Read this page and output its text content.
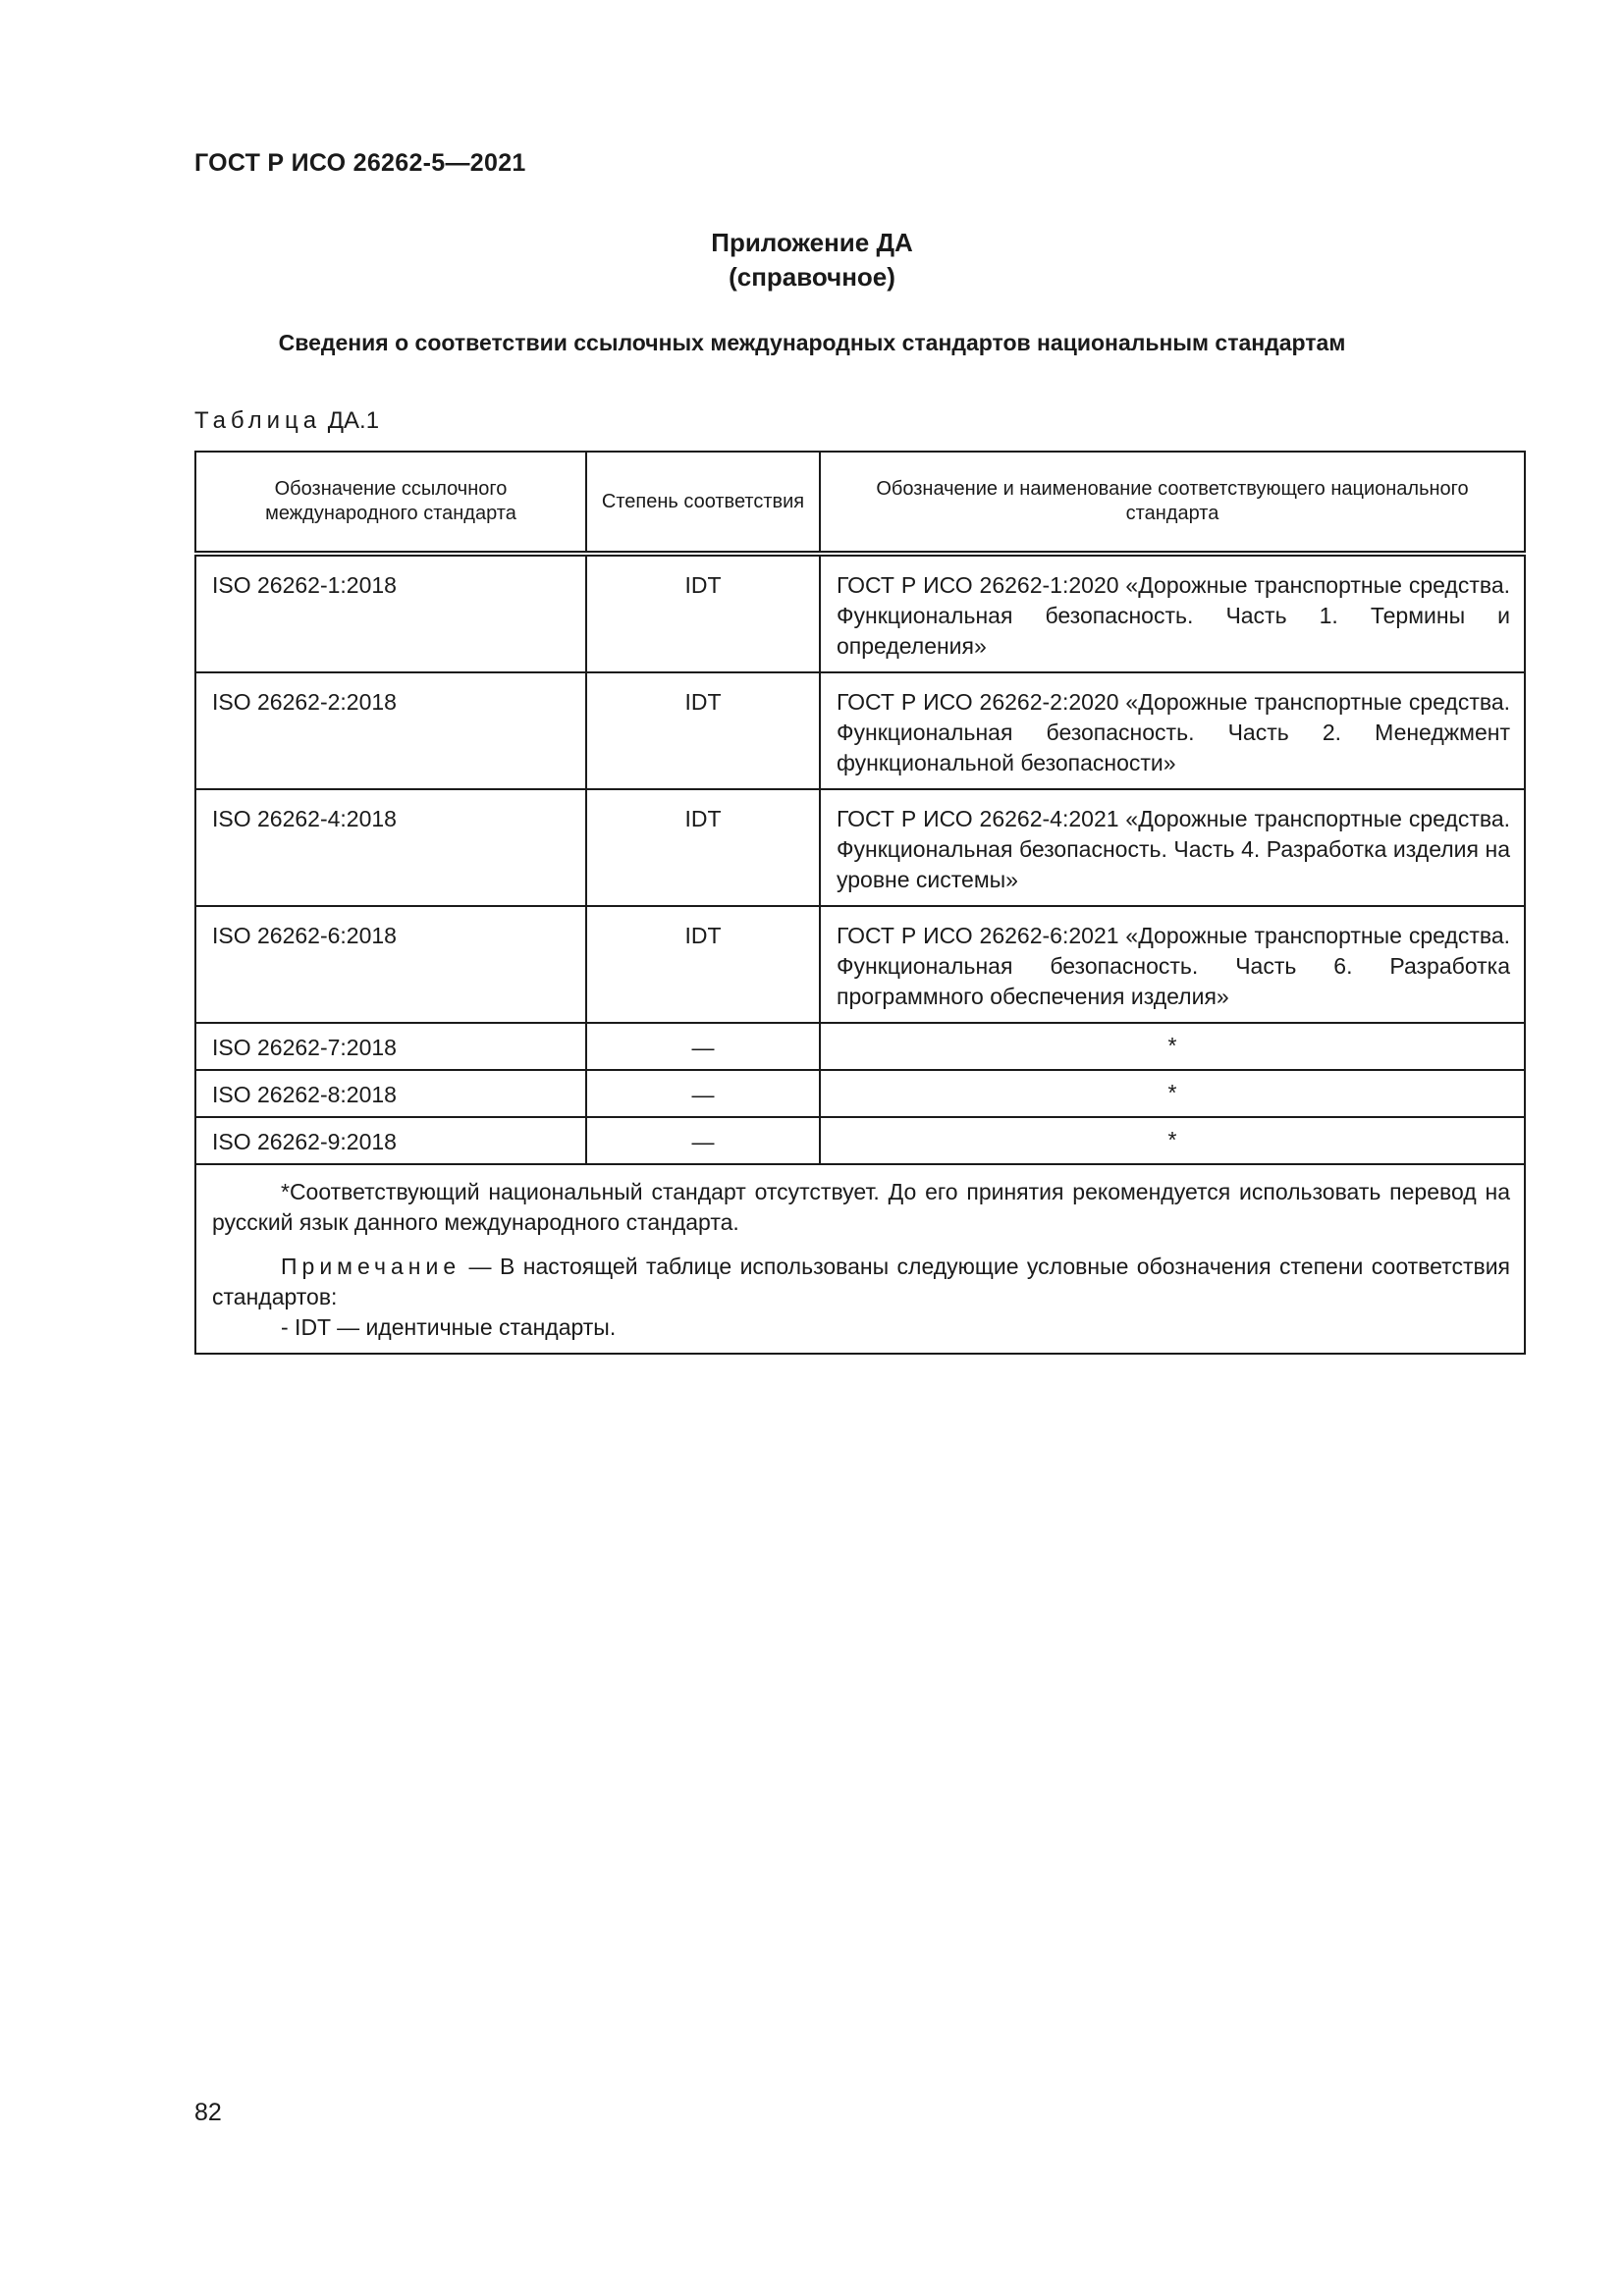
ГОСТ Р ИСО 26262-5—2021
Приложение ДА
(справочное)
Сведения о соответствии ссылочных международных стандартов национальным стандартам
Таблица ДА.1
Обозначение ссылочного международного стандарта	Степень соответствия	Обозначение и наименование соответствующего национального стандарта
ISO 26262-1:2018	IDT	ГОСТ Р ИСО 26262-1:2020 «Дорожные транспортные средства. Функциональная безопасность. Часть 1. Термины и определения»
ISO 26262-2:2018	IDT	ГОСТ Р ИСО 26262-2:2020 «Дорожные транспортные средства. Функциональная безопасность. Часть 2. Менеджмент функциональной безопасности»
ISO 26262-4:2018	IDT	ГОСТ Р ИСО 26262-4:2021 «Дорожные транспортные средства. Функциональная безопасность. Часть 4. Разработка изделия на уровне системы»
ISO 26262-6:2018	IDT	ГОСТ Р ИСО 26262-6:2021 «Дорожные транспортные средства. Функциональная безопасность. Часть 6. Разработка программного обеспечения изделия»
ISO 26262-7:2018	—	*
ISO 26262-8:2018	—	*
ISO 26262-9:2018	—	*

*Соответствующий национальный стандарт отсутствует. До его принятия рекомендуется использовать перевод на русский язык данного международного стандарта.

Примечание — В настоящей таблице использованы следующие условные обозначения степени соответствия стандартов:

- IDT — идентичные стандарты.		

82
